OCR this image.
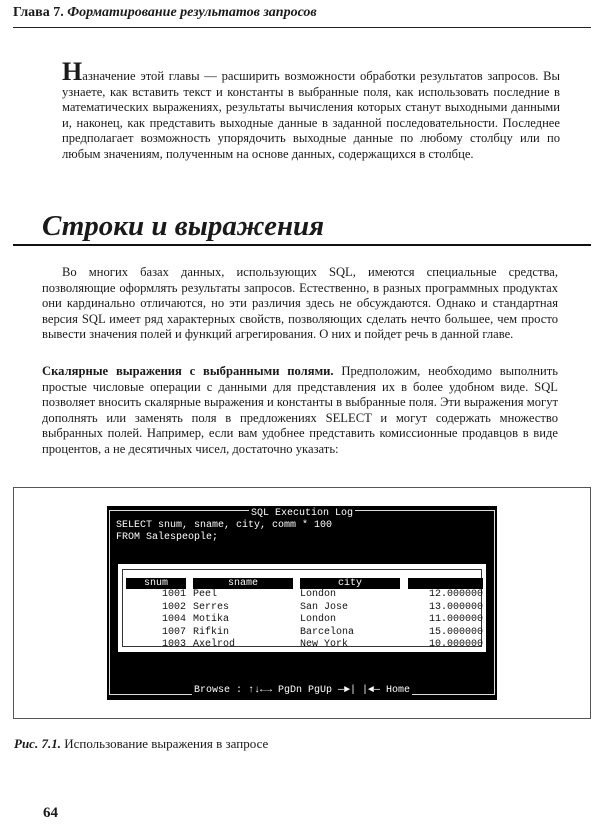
Глава 7. Форматирование результатов запросов

Назначение этой главы — расширить возможности обработки результатов запросов. Вы узнаете, как вставить текст и константы в выбранные поля, как использовать последние в математических выражениях, результаты вычисления которых станут выходными данными и, наконец, как представить выходные данные в заданной последовательности. Последнее предполагает возможность упорядочить выходные данные по любому столбцу или по любым значениям, полученным на основе данных, содержащихся в столбце.

Строки и выражения

Во многих базах данных, использующих SQL, имеются специальные средства, позволяющие оформлять результаты запросов. Естественно, в разных программных продуктах они кардинально отличаются, но эти различия здесь не обсуждаются. Однако и стандартная версия SQL имеет ряд характерных свойств, позволяющих сделать нечто большее, чем просто вывести значения полей и функций агрегирования. О них и пойдет речь в данной главе.

Скалярные выражения с выбранными полями. Предположим, необходимо выполнить простые числовые операции с данными для представления их в более удобном виде. SQL позволяет вносить скалярные выражения и константы в выбранные поля. Эти выражения могут дополнять или заменять поля в предложениях SELECT и могут содержать множество выбранных полей. Например, если вам удобнее представить комиссионные продавцов в виде процентов, а не десятичных чисел, достаточно указать:

SQL Execution Log
SELECT snum, sname, city, comm * 100
FROM Salespeople;
snum
1001
1002
1004
1007
1003
sname
Peel
Serres
Motika
Rifkin
Axelrod
city
London
San Jose
London
Barcelona
New York
12.000000
13.000000
11.000000
15.000000
10.000000
Browse : ↑↓←→ PgDn PgUp —►| |◄— Home
Рис. 7.1. Использование выражения в запросе
64
